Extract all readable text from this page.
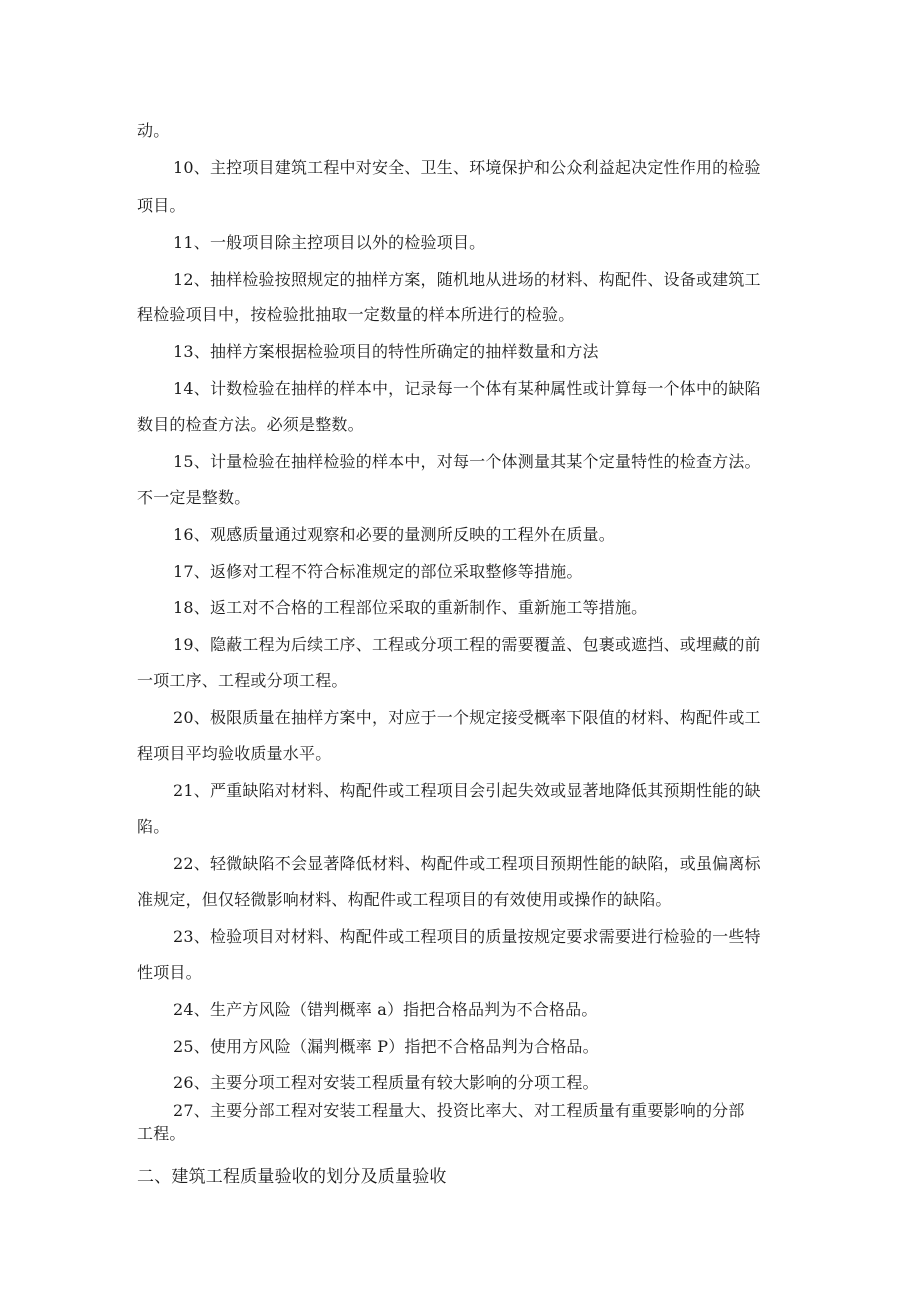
动。
10、主控项目建筑工程中对安全、卫生、环境保护和公众利益起决定性作用的检验
项目。
11、一般项目除主控项目以外的检验项目。
12、抽样检验按照规定的抽样方案，随机地从进场的材料、构配件、设备或建筑工
程检验项目中，按检验批抽取一定数量的样本所进行的检验。
13、抽样方案根据检验项目的特性所确定的抽样数量和方法
14、计数检验在抽样的样本中，记录每一个体有某种属性或计算每一个体中的缺陷
数目的检查方法。必须是整数。
15、计量检验在抽样检验的样本中，对每一个体测量其某个定量特性的检查方法。
不一定是整数。
16、观感质量通过观察和必要的量测所反映的工程外在质量。
17、返修对工程不符合标准规定的部位采取整修等措施。
18、返工对不合格的工程部位采取的重新制作、重新施工等措施。
19、隐蔽工程为后续工序、工程或分项工程的需要覆盖、包裹或遮挡、或埋藏的前
一项工序、工程或分项工程。
20、极限质量在抽样方案中，对应于一个规定接受概率下限值的材料、构配件或工
程项目平均验收质量水平。
21、严重缺陷对材料、构配件或工程项目会引起失效或显著地降低其预期性能的缺
陷。
22、轻微缺陷不会显著降低材料、构配件或工程项目预期性能的缺陷，或虽偏离标
准规定，但仅轻微影响材料、构配件或工程项目的有效使用或操作的缺陷。
23、检验项目对材料、构配件或工程项目的质量按规定要求需要进行检验的一些特
性项目。
24、生产方风险（错判概率 a）指把合格品判为不合格品。
25、使用方风险（漏判概率 P）指把不合格品判为合格品。
26、主要分项工程对安装工程质量有较大影响的分项工程。
27、主要分部工程对安装工程量大、投资比率大、对工程质量有重要影响的分部
工程。
二、建筑工程质量验收的划分及质量验收
